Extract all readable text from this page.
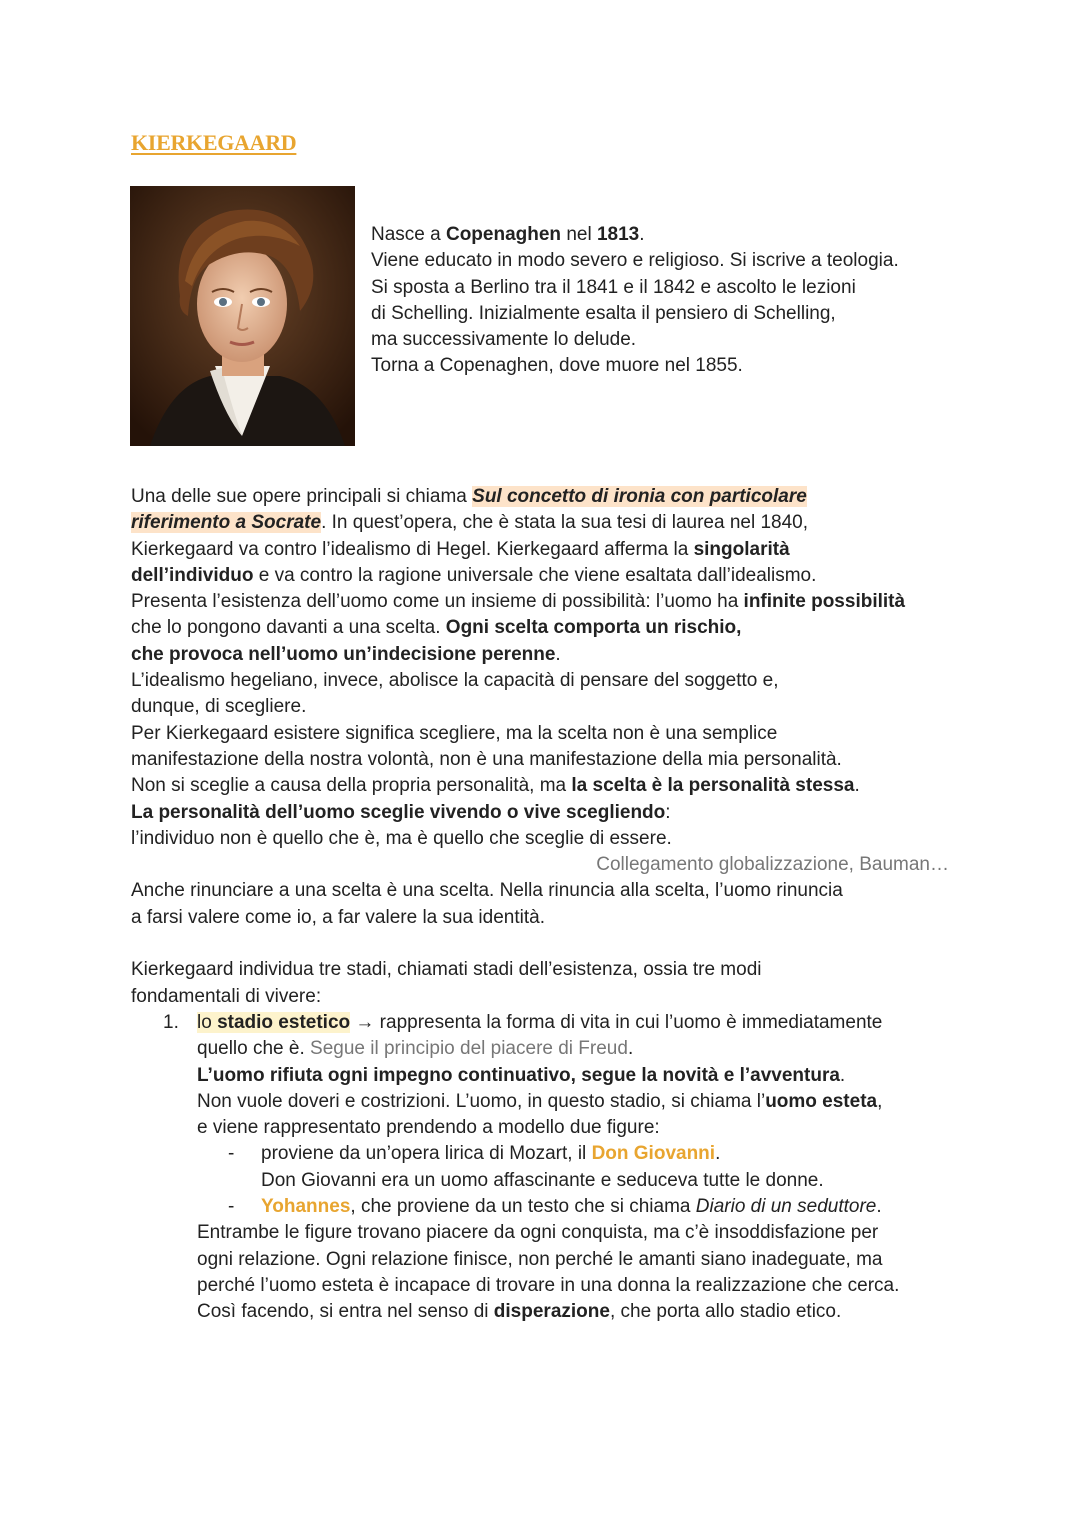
KIERKEGAARD
Nasce a Copenaghen nel 1813.
Viene educato in modo severo e religioso. Si iscrive a teologia.
Si sposta a Berlino tra il 1841 e il 1842 e ascolto le lezioni
di Schelling. Inizialmente esalta il pensiero di Schelling,
ma successivamente lo delude.
Torna a Copenaghen, dove muore nel 1855.
Una delle sue opere principali si chiama Sul concetto di ironia con particolare
riferimento a Socrate. In quest’opera, che è stata la sua tesi di laurea nel 1840,
Kierkegaard va contro l’idealismo di Hegel. Kierkegaard afferma la singolarità
dell’individuo e va contro la ragione universale che viene esaltata dall’idealismo.
Presenta l’esistenza dell’uomo come un insieme di possibilità: l’uomo ha infinite possibilità
che lo pongono davanti a una scelta. Ogni scelta comporta un rischio,
che provoca nell’uomo un’indecisione perenne.
L’idealismo hegeliano, invece, abolisce la capacità di pensare del soggetto e,
dunque, di scegliere.
Per Kierkegaard esistere significa scegliere, ma la scelta non è una semplice
manifestazione della nostra volontà, non è una manifestazione della mia personalità.
Non si sceglie a causa della propria personalità, ma la scelta è la personalità stessa.
La personalità dell’uomo sceglie vivendo o vive scegliendo:
l’individuo non è quello che è, ma è quello che sceglie di essere.
Collegamento globalizzazione, Bauman…
Anche rinunciare a una scelta è una scelta. Nella rinuncia alla scelta, l’uomo rinuncia
a farsi valere come io, a far valere la sua identità.
Kierkegaard individua tre stadi, chiamati stadi dell’esistenza, ossia tre modi
fondamentali di vivere:
1. lo stadio estetico → rappresenta la forma di vita in cui l’uomo è immediatamente
quello che è. Segue il principio del piacere di Freud.
L’uomo rifiuta ogni impegno continuativo, segue la novità e l’avventura.
Non vuole doveri e costrizioni. L’uomo, in questo stadio, si chiama l’uomo esteta,
e viene rappresentato prendendo a modello due figure:
- proviene da un’opera lirica di Mozart, il Don Giovanni.
Don Giovanni era un uomo affascinante e seduceva tutte le donne.
- Yohannes, che proviene da un testo che si chiama Diario di un seduttore.
Entrambe le figure trovano piacere da ogni conquista, ma c’è insoddisfazione per
ogni relazione. Ogni relazione finisce, non perché le amanti siano inadeguate, ma
perché l’uomo esteta è incapace di trovare in una donna la realizzazione che cerca.
Così facendo, si entra nel senso di disperazione, che porta allo stadio etico.
